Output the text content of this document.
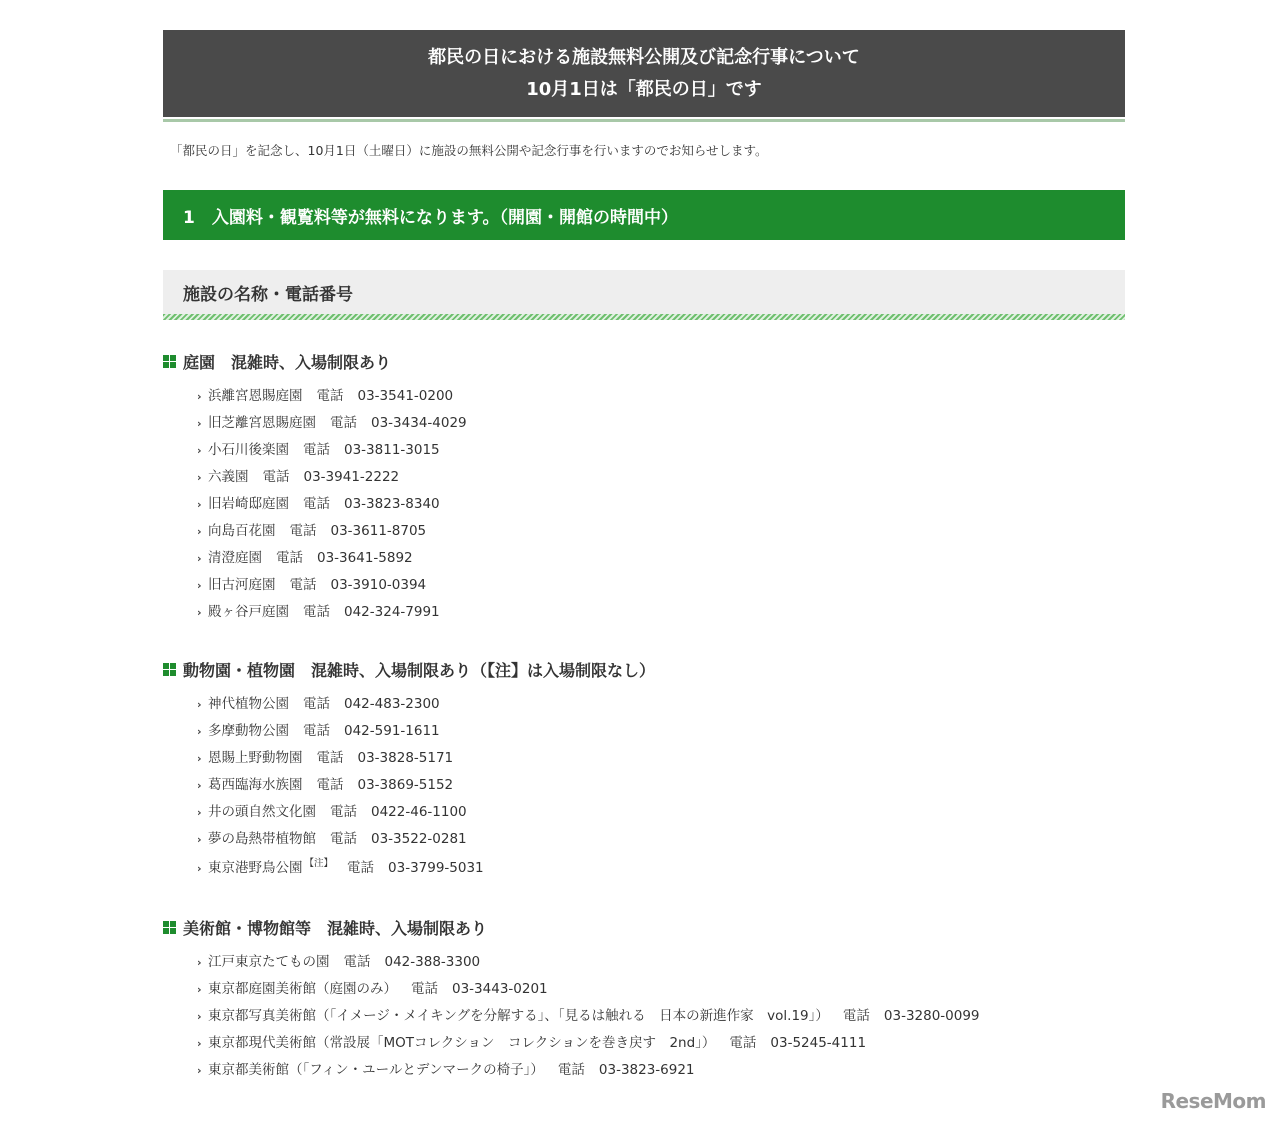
都民の日における施設無料公開及び記念行事について
10月1日は「都民の日」です
「都民の日」を記念し、10月1日（土曜日）に施設の無料公開や記念行事を行いますのでお知らせします。
1　入園料・観覧料等が無料になります。（開園・開館の時間中）
施設の名称・電話番号
庭園　混雑時、入場制限あり
› 浜離宮恩賜庭園 電話 03-3541-0200
› 旧芝離宮恩賜庭園 電話 03-3434-4029
› 小石川後楽園 電話 03-3811-3015
› 六義園 電話 03-3941-2222
› 旧岩崎邸庭園 電話 03-3823-8340
› 向島百花園 電話 03-3611-8705
› 清澄庭園 電話 03-3641-5892
› 旧古河庭園 電話 03-3910-0394
› 殿ヶ谷戸庭園 電話 042-324-7991
動物園・植物園　混雑時、入場制限あり（【注】は入場制限なし）
› 神代植物公園 電話 042-483-2300
› 多摩動物公園 電話 042-591-1611
› 恩賜上野動物園 電話 03-3828-5171
› 葛西臨海水族園 電話 03-3869-5152
› 井の頭自然文化園 電話 0422-46-1100
› 夢の島熱帯植物館 電話 03-3522-0281
› 東京港野鳥公園 【注】 電話 03-3799-5031
美術館・博物館等　混雑時、入場制限あり
› 江戸東京たてもの園 電話 042-388-3300
› 東京都庭園美術館（庭園のみ） 電話 03-3443-0201
› 東京都写真美術館（「イメージ・メイキングを分解する」、「見るは触れる　日本の新進作家　vol.19」） 電話 03-3280-0099
› 東京都現代美術館（常設展「MOTコレクション　コレクションを巻き戻す　2nd」） 電話 03-5245-4111
› 東京都美術館（「フィン・ユールとデンマークの椅子」） 電話 03-3823-6921
ReseMom
